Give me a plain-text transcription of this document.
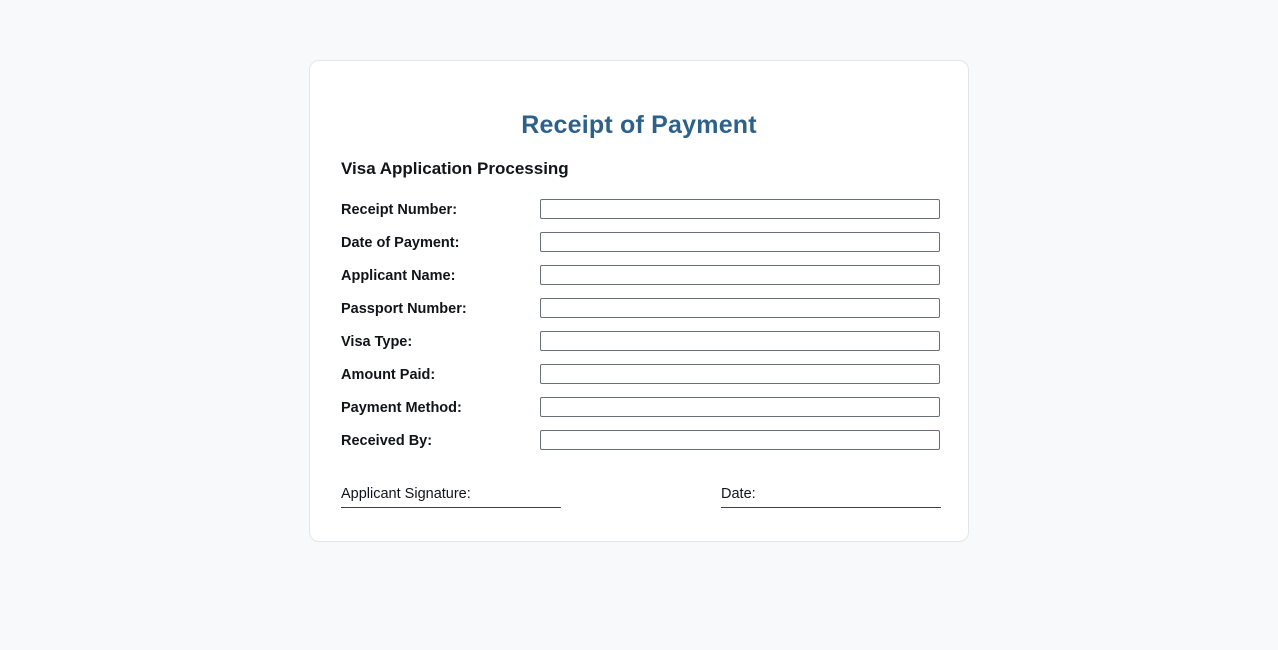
Receipt of Payment
Visa Application Processing
Receipt Number:
Date of Payment:
Applicant Name:
Passport Number:
Visa Type:
Amount Paid:
Payment Method:
Received By:
Applicant Signature:	Date:
